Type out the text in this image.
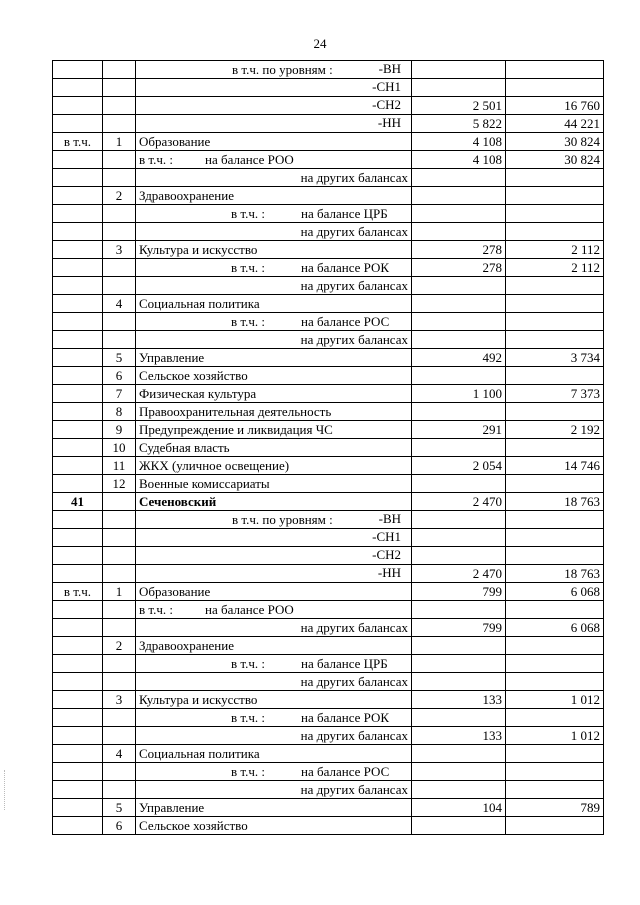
24
		в т.ч. по уровням : -ВН		

		-СН1		

		-СН2	2 501	16 760

		-НН	5 822	44 221
в т.ч.	1	Образование	4 108	30 824
		в т.ч. : на балансе РОО	4 108	30 824
		на других балансах		
	2	Здравоохранение		
		в т.ч. : на балансе ЦРБ		
		на других балансах		
	3	Культура и искусство	278	2 112
		в т.ч. : на балансе РОК	278	2 112
		на других балансах		
	4	Социальная политика		
		в т.ч. : на балансе РОС		
		на других балансах		
	5	Управление	492	3 734
	6	Сельское хозяйство		
	7	Физическая культура	1 100	7 373
	8	Правоохранительная деятельность		
	9	Предупреждение и ликвидация ЧС	291	2 192
	10	Судебная власть		
	11	ЖКХ (уличное освещение)	2 054	14 746
	12	Военные комиссариаты		
41		Сеченовский	2 470	18 763
		в т.ч. по уровням : -ВН		

		-СН1		

		-СН2		

		-НН	2 470	18 763
в т.ч.	1	Образование	799	6 068
		в т.ч. : на балансе РОО		
		на других балансах	799	6 068
	2	Здравоохранение		
		в т.ч. : на балансе ЦРБ		
		на других балансах		
	3	Культура и искусство	133	1 012
		в т.ч. : на балансе РОК		
		на других балансах	133	1 012
	4	Социальная политика		
		в т.ч. : на балансе РОС		
		на других балансах		
	5	Управление	104	789
	6	Сельское хозяйство		
